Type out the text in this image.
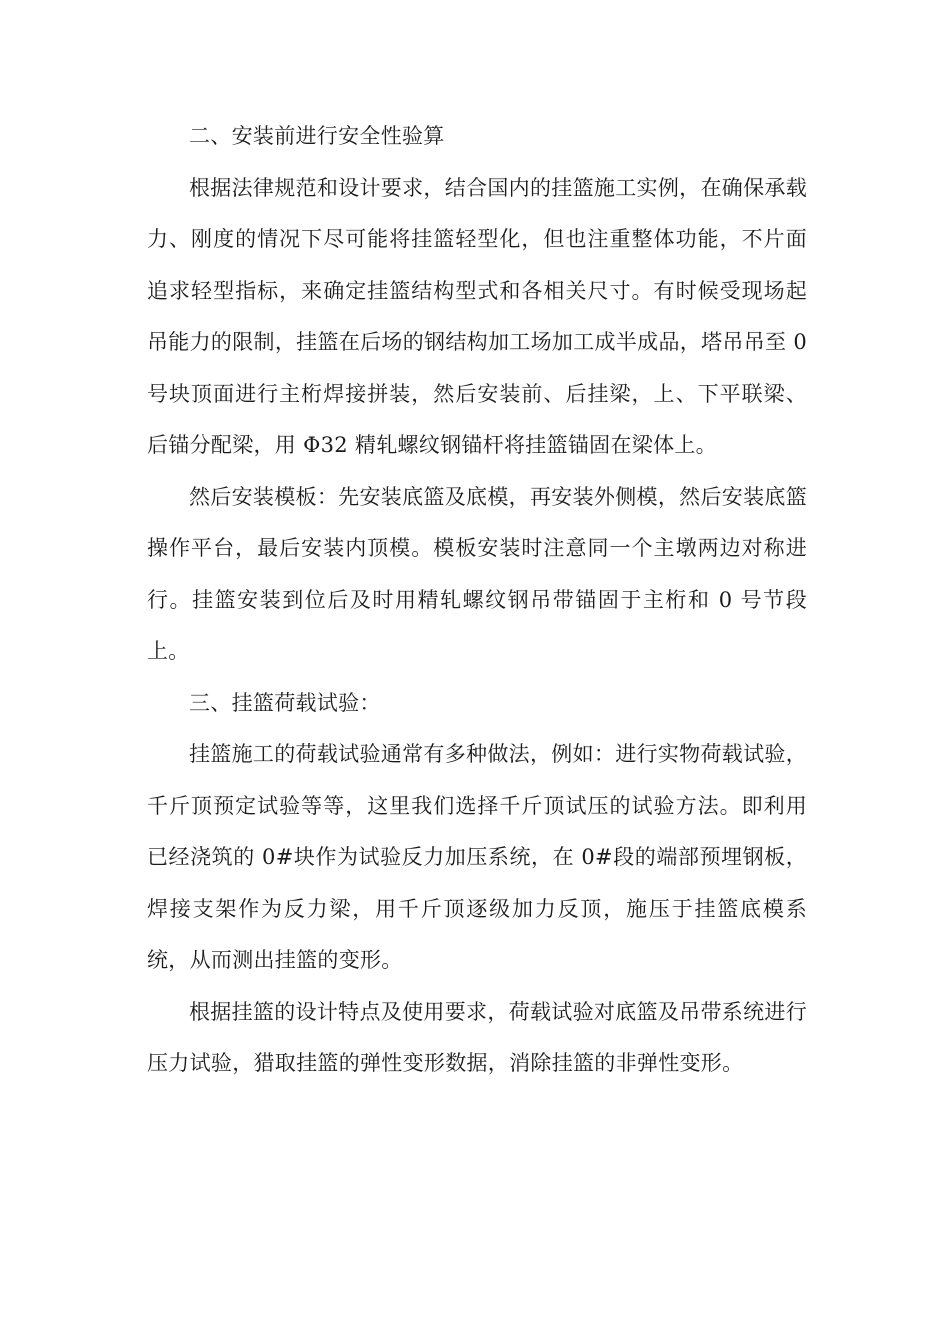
二、安装前进行安全性验算

根据法律规范和设计要求，结合国内的挂篮施工实例，在确保承载力、刚度的情况下尽可能将挂篮轻型化，但也注重整体功能，不片面追求轻型指标，来确定挂篮结构型式和各相关尺寸。有时候受现场起吊能力的限制，挂篮在后场的钢结构加工场加工成半成品，塔吊吊至 0 号块顶面进行主桁焊接拼装，然后安装前、后挂梁，上、下平联梁、后锚分配梁，用 Φ32 精轧螺纹钢锚杆将挂篮锚固在梁体上。

然后安装模板：先安装底篮及底模，再安装外侧模，然后安装底篮操作平台，最后安装内顶模。模板安装时注意同一个主墩两边对称进行。挂篮安装到位后及时用精轧螺纹钢吊带锚固于主桁和 0 号节段上。

三、挂篮荷载试验：

挂篮施工的荷载试验通常有多种做法，例如：进行实物荷载试验，千斤顶预定试验等等，这里我们选择千斤顶试压的试验方法。即利用已经浇筑的 0#块作为试验反力加压系统，在 0#段的端部预埋钢板，焊接支架作为反力梁，用千斤顶逐级加力反顶，施压于挂篮底模系统，从而测出挂篮的变形。

根据挂篮的设计特点及使用要求，荷载试验对底篮及吊带系统进行压力试验，猎取挂篮的弹性变形数据，消除挂篮的非弹性变形。
